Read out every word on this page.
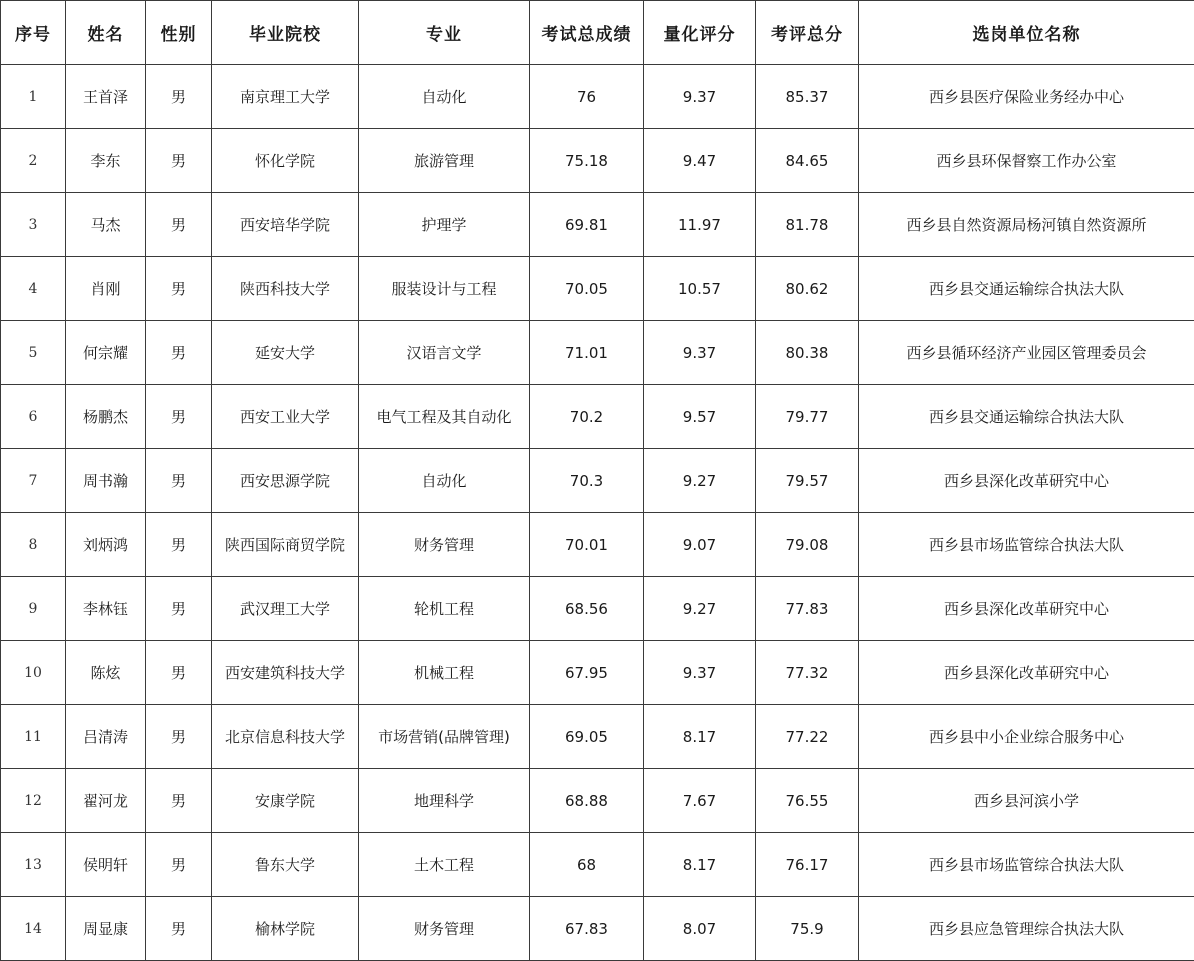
序号	姓名	性别	毕业院校	专业	考试总成绩	量化评分	考评总分	选岗单位名称
1	王首泽	男	南京理工大学	自动化	76	9.37	85.37	西乡县医疗保险业务经办中心
2	李东	男	怀化学院	旅游管理	75.18	9.47	84.65	西乡县环保督察工作办公室
3	马杰	男	西安培华学院	护理学	69.81	11.97	81.78	西乡县自然资源局杨河镇自然资源所
4	肖刚	男	陕西科技大学	服装设计与工程	70.05	10.57	80.62	西乡县交通运输综合执法大队
5	何宗耀	男	延安大学	汉语言文学	71.01	9.37	80.38	西乡县循环经济产业园区管理委员会
6	杨鹏杰	男	西安工业大学	电气工程及其自动化	70.2	9.57	79.77	西乡县交通运输综合执法大队
7	周书瀚	男	西安思源学院	自动化	70.3	9.27	79.57	西乡县深化改革研究中心
8	刘炳鸿	男	陕西国际商贸学院	财务管理	70.01	9.07	79.08	西乡县市场监管综合执法大队
9	李林钰	男	武汉理工大学	轮机工程	68.56	9.27	77.83	西乡县深化改革研究中心
10	陈炫	男	西安建筑科技大学	机械工程	67.95	9.37	77.32	西乡县深化改革研究中心
11	吕清涛	男	北京信息科技大学	市场营销(品牌管理)	69.05	8.17	77.22	西乡县中小企业综合服务中心
12	翟河龙	男	安康学院	地理科学	68.88	7.67	76.55	西乡县河滨小学
13	侯明轩	男	鲁东大学	土木工程	68	8.17	76.17	西乡县市场监管综合执法大队
14	周显康	男	榆林学院	财务管理	67.83	8.07	75.9	西乡县应急管理综合执法大队
